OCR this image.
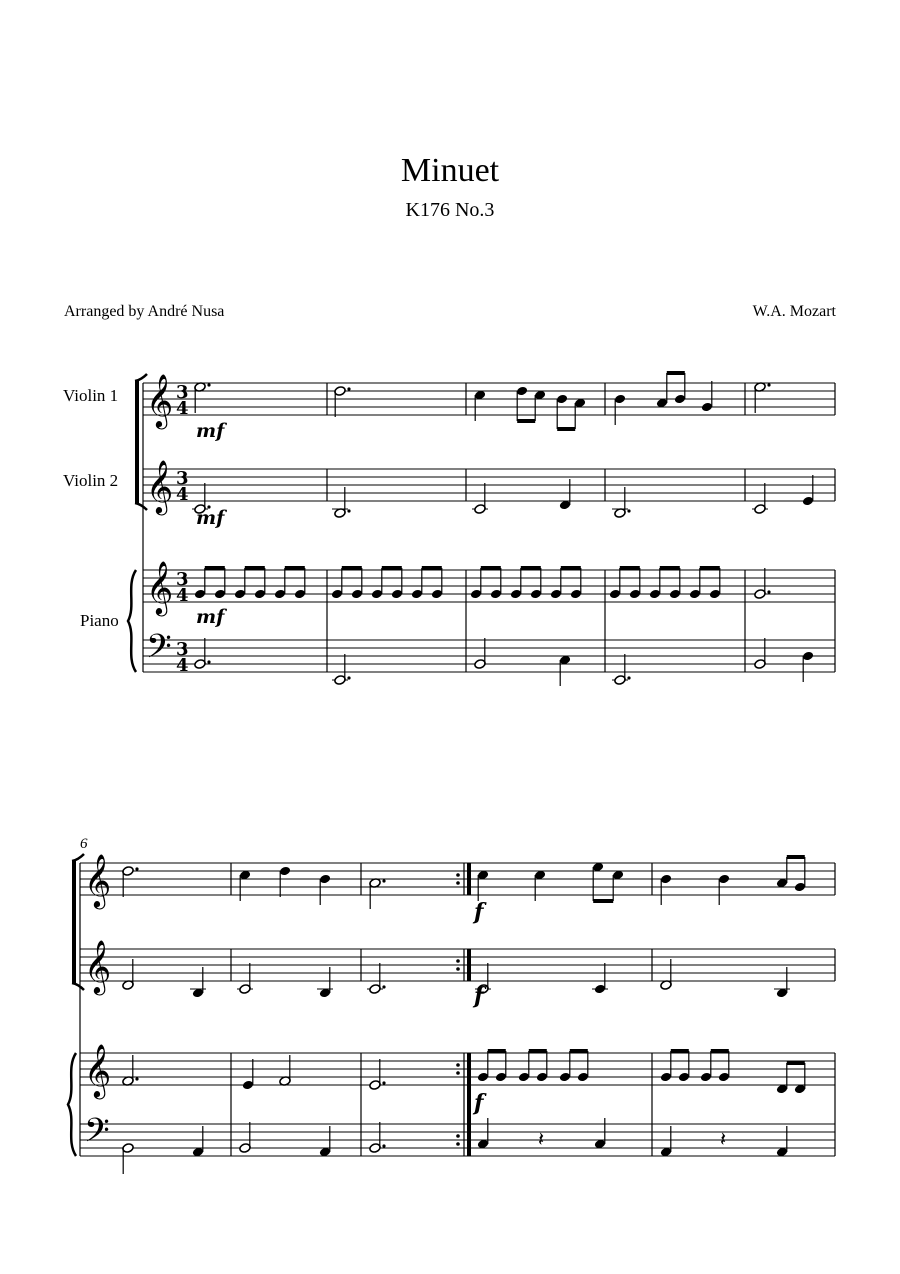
Minuet
K176 No.3
Arranged by André Nusa	W.A. Mozart
Violin 1
Violin 2
Piano
𝄞
𝄞
𝄞
𝄢
𝄞
𝄞
𝄞
𝄢
3
4
3
4
3
4
3
4
𝄽	𝄽
mf
mf
mf
f
f
f
6
